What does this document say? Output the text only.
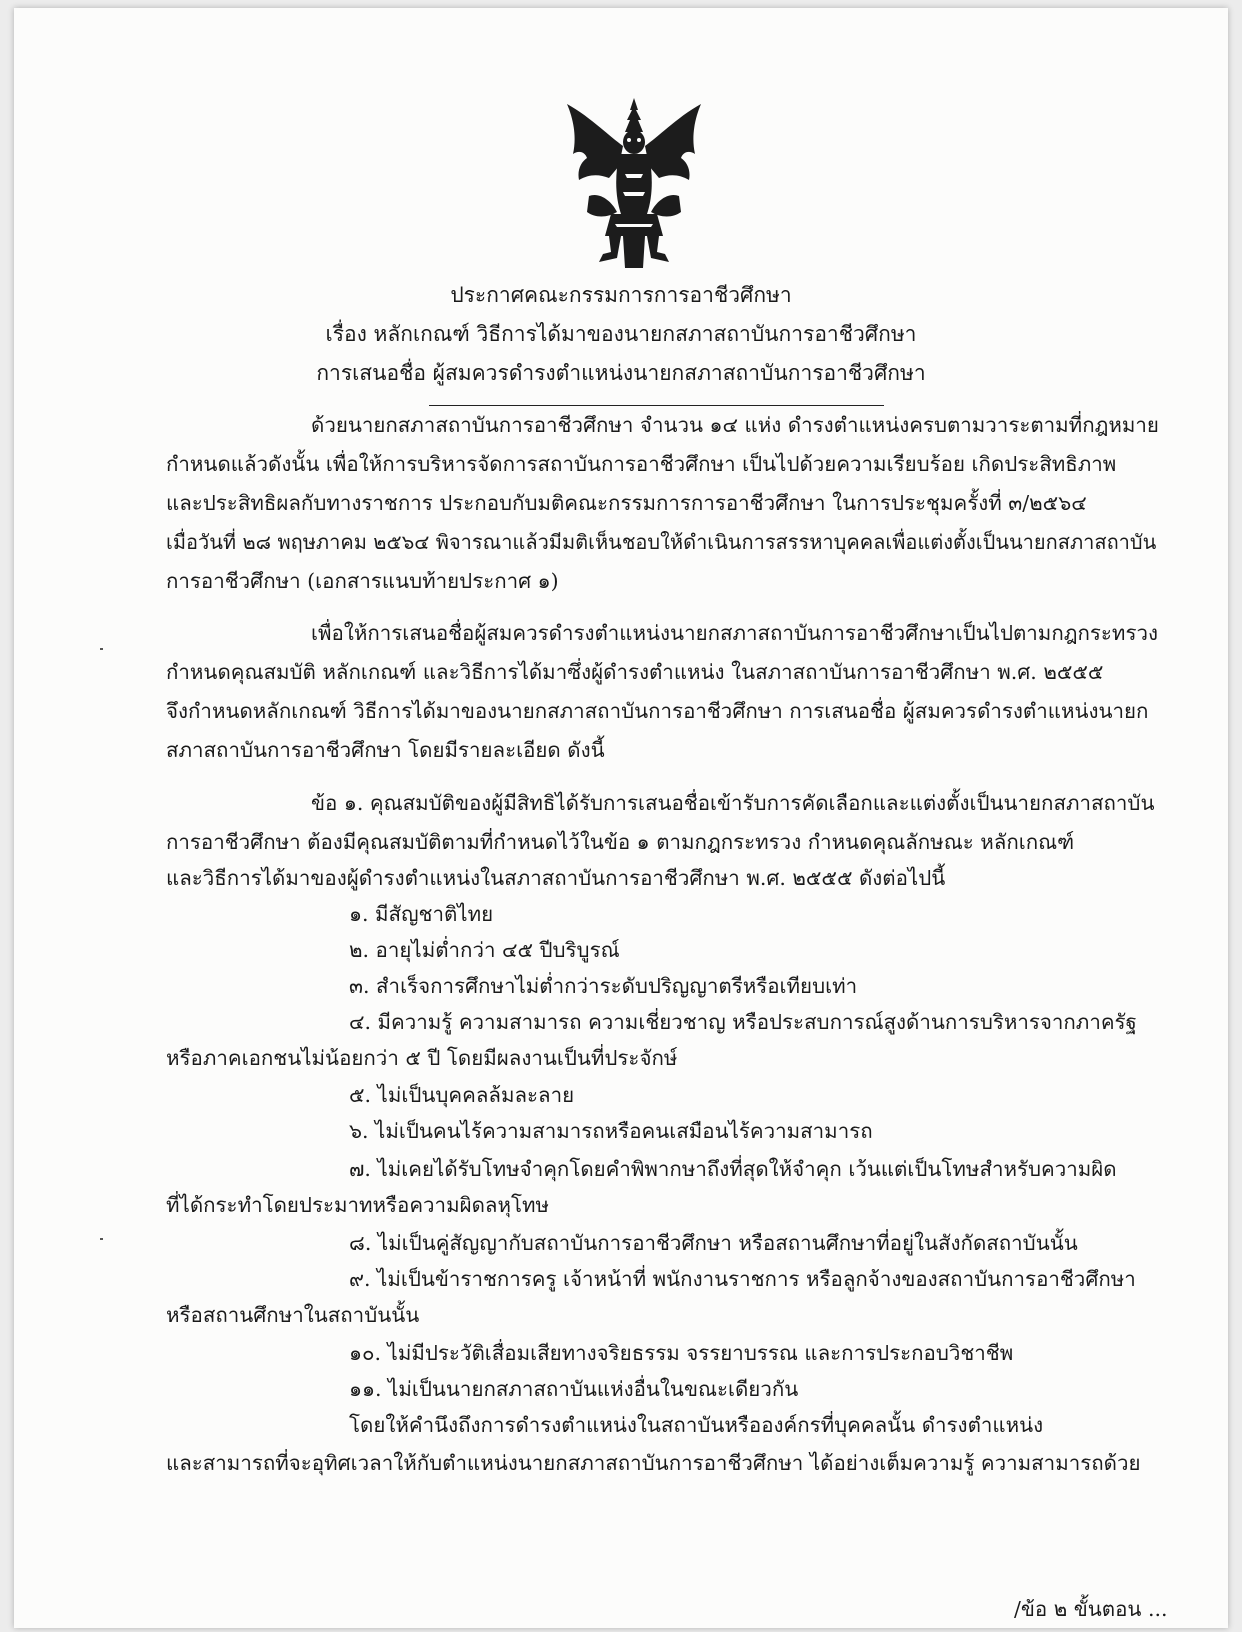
ประกาศคณะกรรมการการอาชีวศึกษา
เรื่อง หลักเกณฑ์ วิธีการได้มาของนายกสภาสถาบันการอาชีวศึกษา
การเสนอชื่อ ผู้สมควรดำรงตำแหน่งนายกสภาสถาบันการอาชีวศึกษา
ด้วยนายกสภาสถาบันการอาชีวศึกษา จำนวน ๑๔ แห่ง ดำรงตำแหน่งครบตามวาระตามที่กฎหมาย
กำหนดแล้วดังนั้น เพื่อให้การบริหารจัดการสถาบันการอาชีวศึกษา เป็นไปด้วยความเรียบร้อย เกิดประสิทธิภาพ
และประสิทธิผลกับทางราชการ ประกอบกับมติคณะกรรมการการอาชีวศึกษา ในการประชุมครั้งที่ ๓/๒๕๖๔
เมื่อวันที่ ๒๘ พฤษภาคม ๒๕๖๔ พิจารณาแล้วมีมติเห็นชอบให้ดำเนินการสรรหาบุคคลเพื่อแต่งตั้งเป็นนายกสภาสถาบัน
การอาชีวศึกษา (เอกสารแนบท้ายประกาศ ๑)
เพื่อให้การเสนอชื่อผู้สมควรดำรงตำแหน่งนายกสภาสถาบันการอาชีวศึกษาเป็นไปตามกฎกระทรวง
กำหนดคุณสมบัติ หลักเกณฑ์ และวิธีการได้มาซึ่งผู้ดำรงตำแหน่ง ในสภาสถาบันการอาชีวศึกษา พ.ศ. ๒๕๕๕
จึงกำหนดหลักเกณฑ์ วิธีการได้มาของนายกสภาสถาบันการอาชีวศึกษา การเสนอชื่อ ผู้สมควรดำรงตำแหน่งนายก
สภาสถาบันการอาชีวศึกษา โดยมีรายละเอียด ดังนี้
ข้อ ๑. คุณสมบัติของผู้มีสิทธิได้รับการเสนอชื่อเข้ารับการคัดเลือกและแต่งตั้งเป็นนายกสภาสถาบัน
การอาชีวศึกษา ต้องมีคุณสมบัติตามที่กำหนดไว้ในข้อ ๑ ตามกฎกระทรวง กำหนดคุณลักษณะ หลักเกณฑ์
และวิธีการได้มาของผู้ดำรงตำแหน่งในสภาสถาบันการอาชีวศึกษา พ.ศ. ๒๕๕๕ ดังต่อไปนี้
๑. มีสัญชาติไทย
๒. อายุไม่ต่ำกว่า ๔๕ ปีบริบูรณ์
๓. สำเร็จการศึกษาไม่ต่ำกว่าระดับปริญญาตรีหรือเทียบเท่า
๔. มีความรู้ ความสามารถ ความเชี่ยวชาญ หรือประสบการณ์สูงด้านการบริหารจากภาครัฐ
หรือภาคเอกชนไม่น้อยกว่า ๕ ปี โดยมีผลงานเป็นที่ประจักษ์
๕. ไม่เป็นบุคคลล้มละลาย
๖. ไม่เป็นคนไร้ความสามารถหรือคนเสมือนไร้ความสามารถ
๗. ไม่เคยได้รับโทษจำคุกโดยคำพิพากษาถึงที่สุดให้จำคุก เว้นแต่เป็นโทษสำหรับความผิด
ที่ได้กระทำโดยประมาทหรือความผิดลหุโทษ
๘. ไม่เป็นคู่สัญญากับสถาบันการอาชีวศึกษา หรือสถานศึกษาที่อยู่ในสังกัดสถาบันนั้น
๙. ไม่เป็นข้าราชการครู เจ้าหน้าที่ พนักงานราชการ หรือลูกจ้างของสถาบันการอาชีวศึกษา
หรือสถานศึกษาในสถาบันนั้น
๑๐. ไม่มีประวัติเสื่อมเสียทางจริยธรรม จรรยาบรรณ และการประกอบวิชาชีพ
๑๑. ไม่เป็นนายกสภาสถาบันแห่งอื่นในขณะเดียวกัน
โดยให้คำนึงถึงการดำรงตำแหน่งในสถาบันหรือองค์กรที่บุคคลนั้น ดำรงตำแหน่ง
และสามารถที่จะอุทิศเวลาให้กับตำแหน่งนายกสภาสถาบันการอาชีวศึกษา ได้อย่างเต็มความรู้ ความสามารถด้วย
/ข้อ ๒ ขั้นตอน ...
